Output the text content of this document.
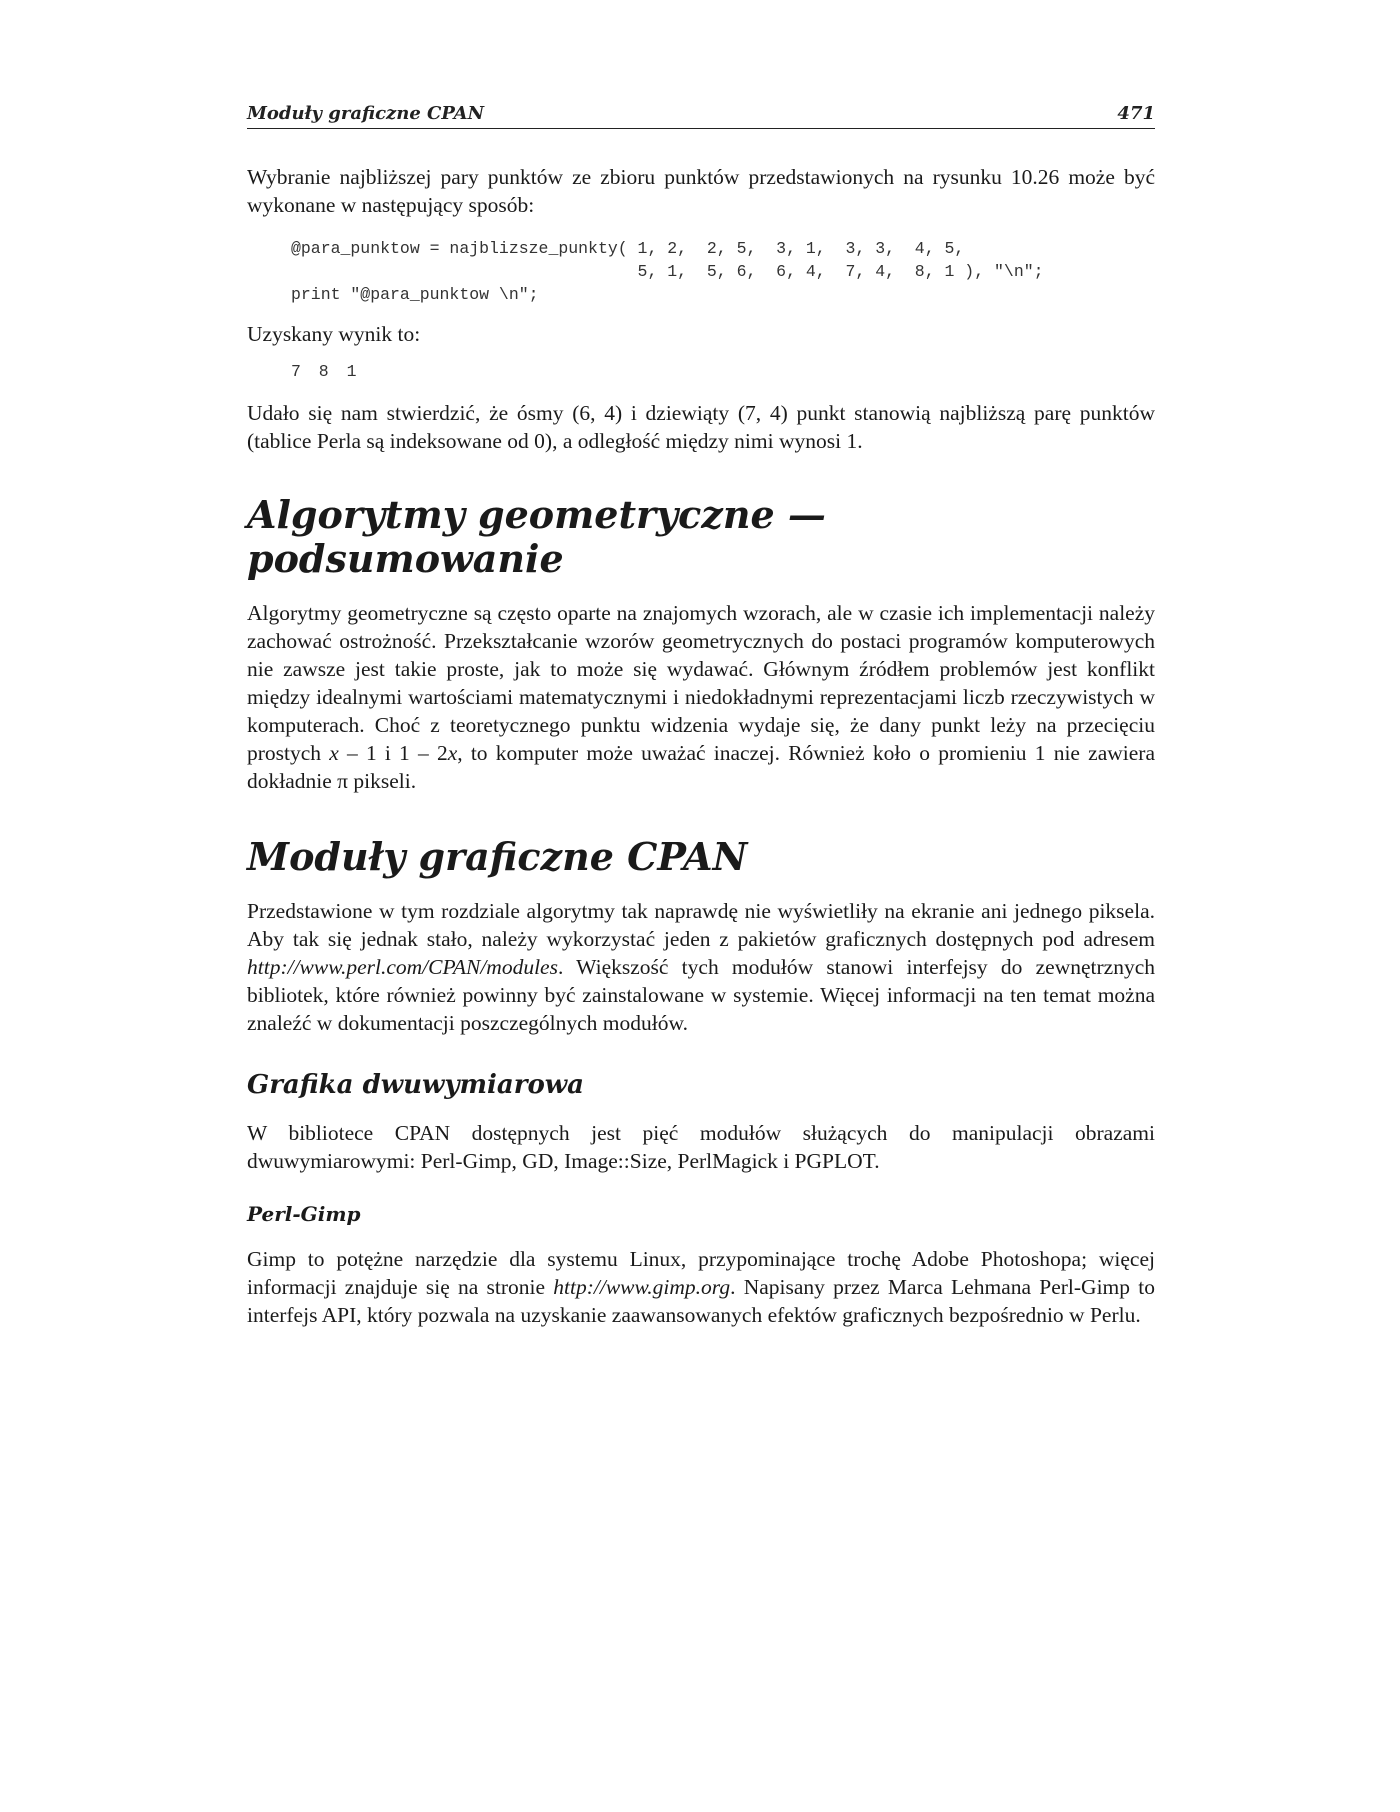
Moduły graficzne CPAN	471

Wybranie najbliższej pary punktów ze zbioru punktów przedstawionych na rysunku 10.26 może być wykonane w następujący sposób:

@para_punktow = najblizsze_punkty( 1, 2,  2, 5,  3, 1,  3, 3,  4, 5,
5, 1,  5, 6,  6, 4,  7, 4,  8, 1 ), "\n";
print "@para_punktow \n";

Uzyskany wynik to:

7 8 1

Udało się nam stwierdzić, że ósmy (6, 4) i dziewiąty (7, 4) punkt stanowią najbliższą parę punktów (tablice Perla są indeksowane od 0), a odległość między nimi wynosi 1.

Algorytmy geometryczne — podsumowanie

Algorytmy geometryczne są często oparte na znajomych wzorach, ale w czasie ich implementacji należy zachować ostrożność. Przekształcanie wzorów geometrycznych do postaci programów komputerowych nie zawsze jest takie proste, jak to może się wydawać. Głównym źródłem problemów jest konflikt między idealnymi wartościami matematycznymi i niedokładnymi reprezentacjami liczb rzeczywistych w komputerach. Choć z teoretycznego punktu widzenia wydaje się, że dany punkt leży na przecięciu prostych x – 1 i 1 – 2x, to komputer może uważać inaczej. Również koło o promieniu 1 nie zawiera dokładnie π pikseli.

Moduły graficzne CPAN

Przedstawione w tym rozdziale algorytmy tak naprawdę nie wyświetliły na ekranie ani jednego piksela. Aby tak się jednak stało, należy wykorzystać jeden z pakietów graficznych dostępnych pod adresem http://www.perl.com/CPAN/modules. Większość tych modułów stanowi interfejsy do zewnętrznych bibliotek, które również powinny być zainstalowane w systemie. Więcej informacji na ten temat można znaleźć w dokumentacji poszczególnych modułów.

Grafika dwuwymiarowa

W bibliotece CPAN dostępnych jest pięć modułów służących do manipulacji obrazami dwuwymiarowymi: Perl-Gimp, GD, Image::Size, PerlMagick i PGPLOT.

Perl-Gimp

Gimp to potężne narzędzie dla systemu Linux, przypominające trochę Adobe Photoshopa; więcej informacji znajduje się na stronie http://www.gimp.org. Napisany przez Marca Lehmana Perl-Gimp to interfejs API, który pozwala na uzyskanie zaawansowanych efektów graficznych bezpośrednio w Perlu.
